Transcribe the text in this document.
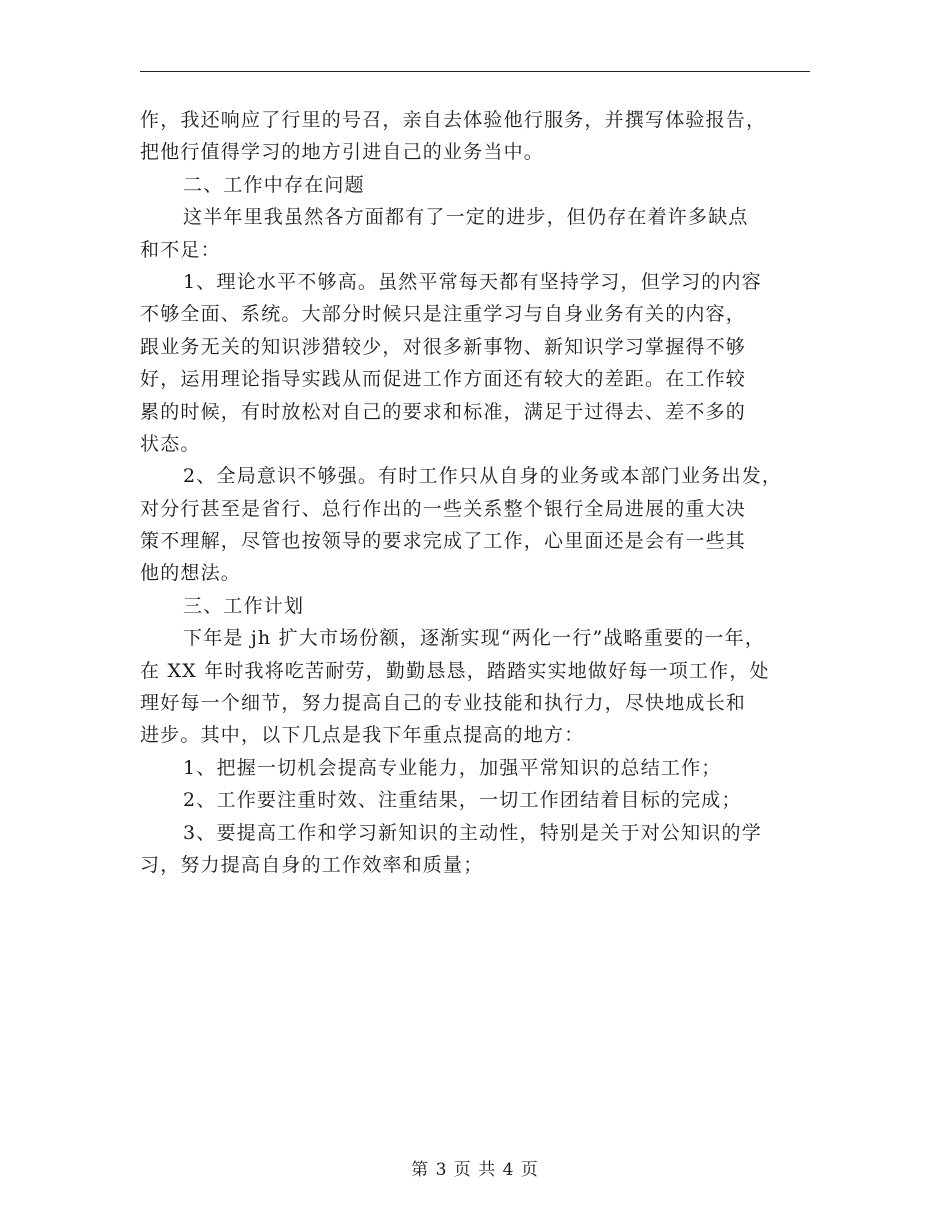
作，我还响应了行里的号召，亲自去体验他行服务，并撰写体验报告，
把他行值得学习的地方引进自己的业务当中。
二、工作中存在问题
这半年里我虽然各方面都有了一定的进步，但仍存在着许多缺点
和不足：
1、理论水平不够高。虽然平常每天都有坚持学习，但学习的内容
不够全面、系统。大部分时候只是注重学习与自身业务有关的内容，
跟业务无关的知识涉猎较少，对很多新事物、新知识学习掌握得不够
好，运用理论指导实践从而促进工作方面还有较大的差距。在工作较
累的时候，有时放松对自己的要求和标准，满足于过得去、差不多的
状态。
2、全局意识不够强。有时工作只从自身的业务或本部门业务出发，
对分行甚至是省行、总行作出的一些关系整个银行全局进展的重大决
策不理解，尽管也按领导的要求完成了工作，心里面还是会有一些其
他的想法。
三、工作计划
下年是 jh 扩大市场份额，逐渐实现“两化一行”战略重要的一年，
在 XX 年时我将吃苦耐劳，勤勤恳恳，踏踏实实地做好每一项工作，处
理好每一个细节，努力提高自己的专业技能和执行力，尽快地成长和
进步。其中，以下几点是我下年重点提高的地方：
1、把握一切机会提高专业能力，加强平常知识的总结工作；
2、工作要注重时效、注重结果，一切工作团结着目标的完成；
3、要提高工作和学习新知识的主动性，特别是关于对公知识的学
习，努力提高自身的工作效率和质量；
第 3 页 共 4 页
